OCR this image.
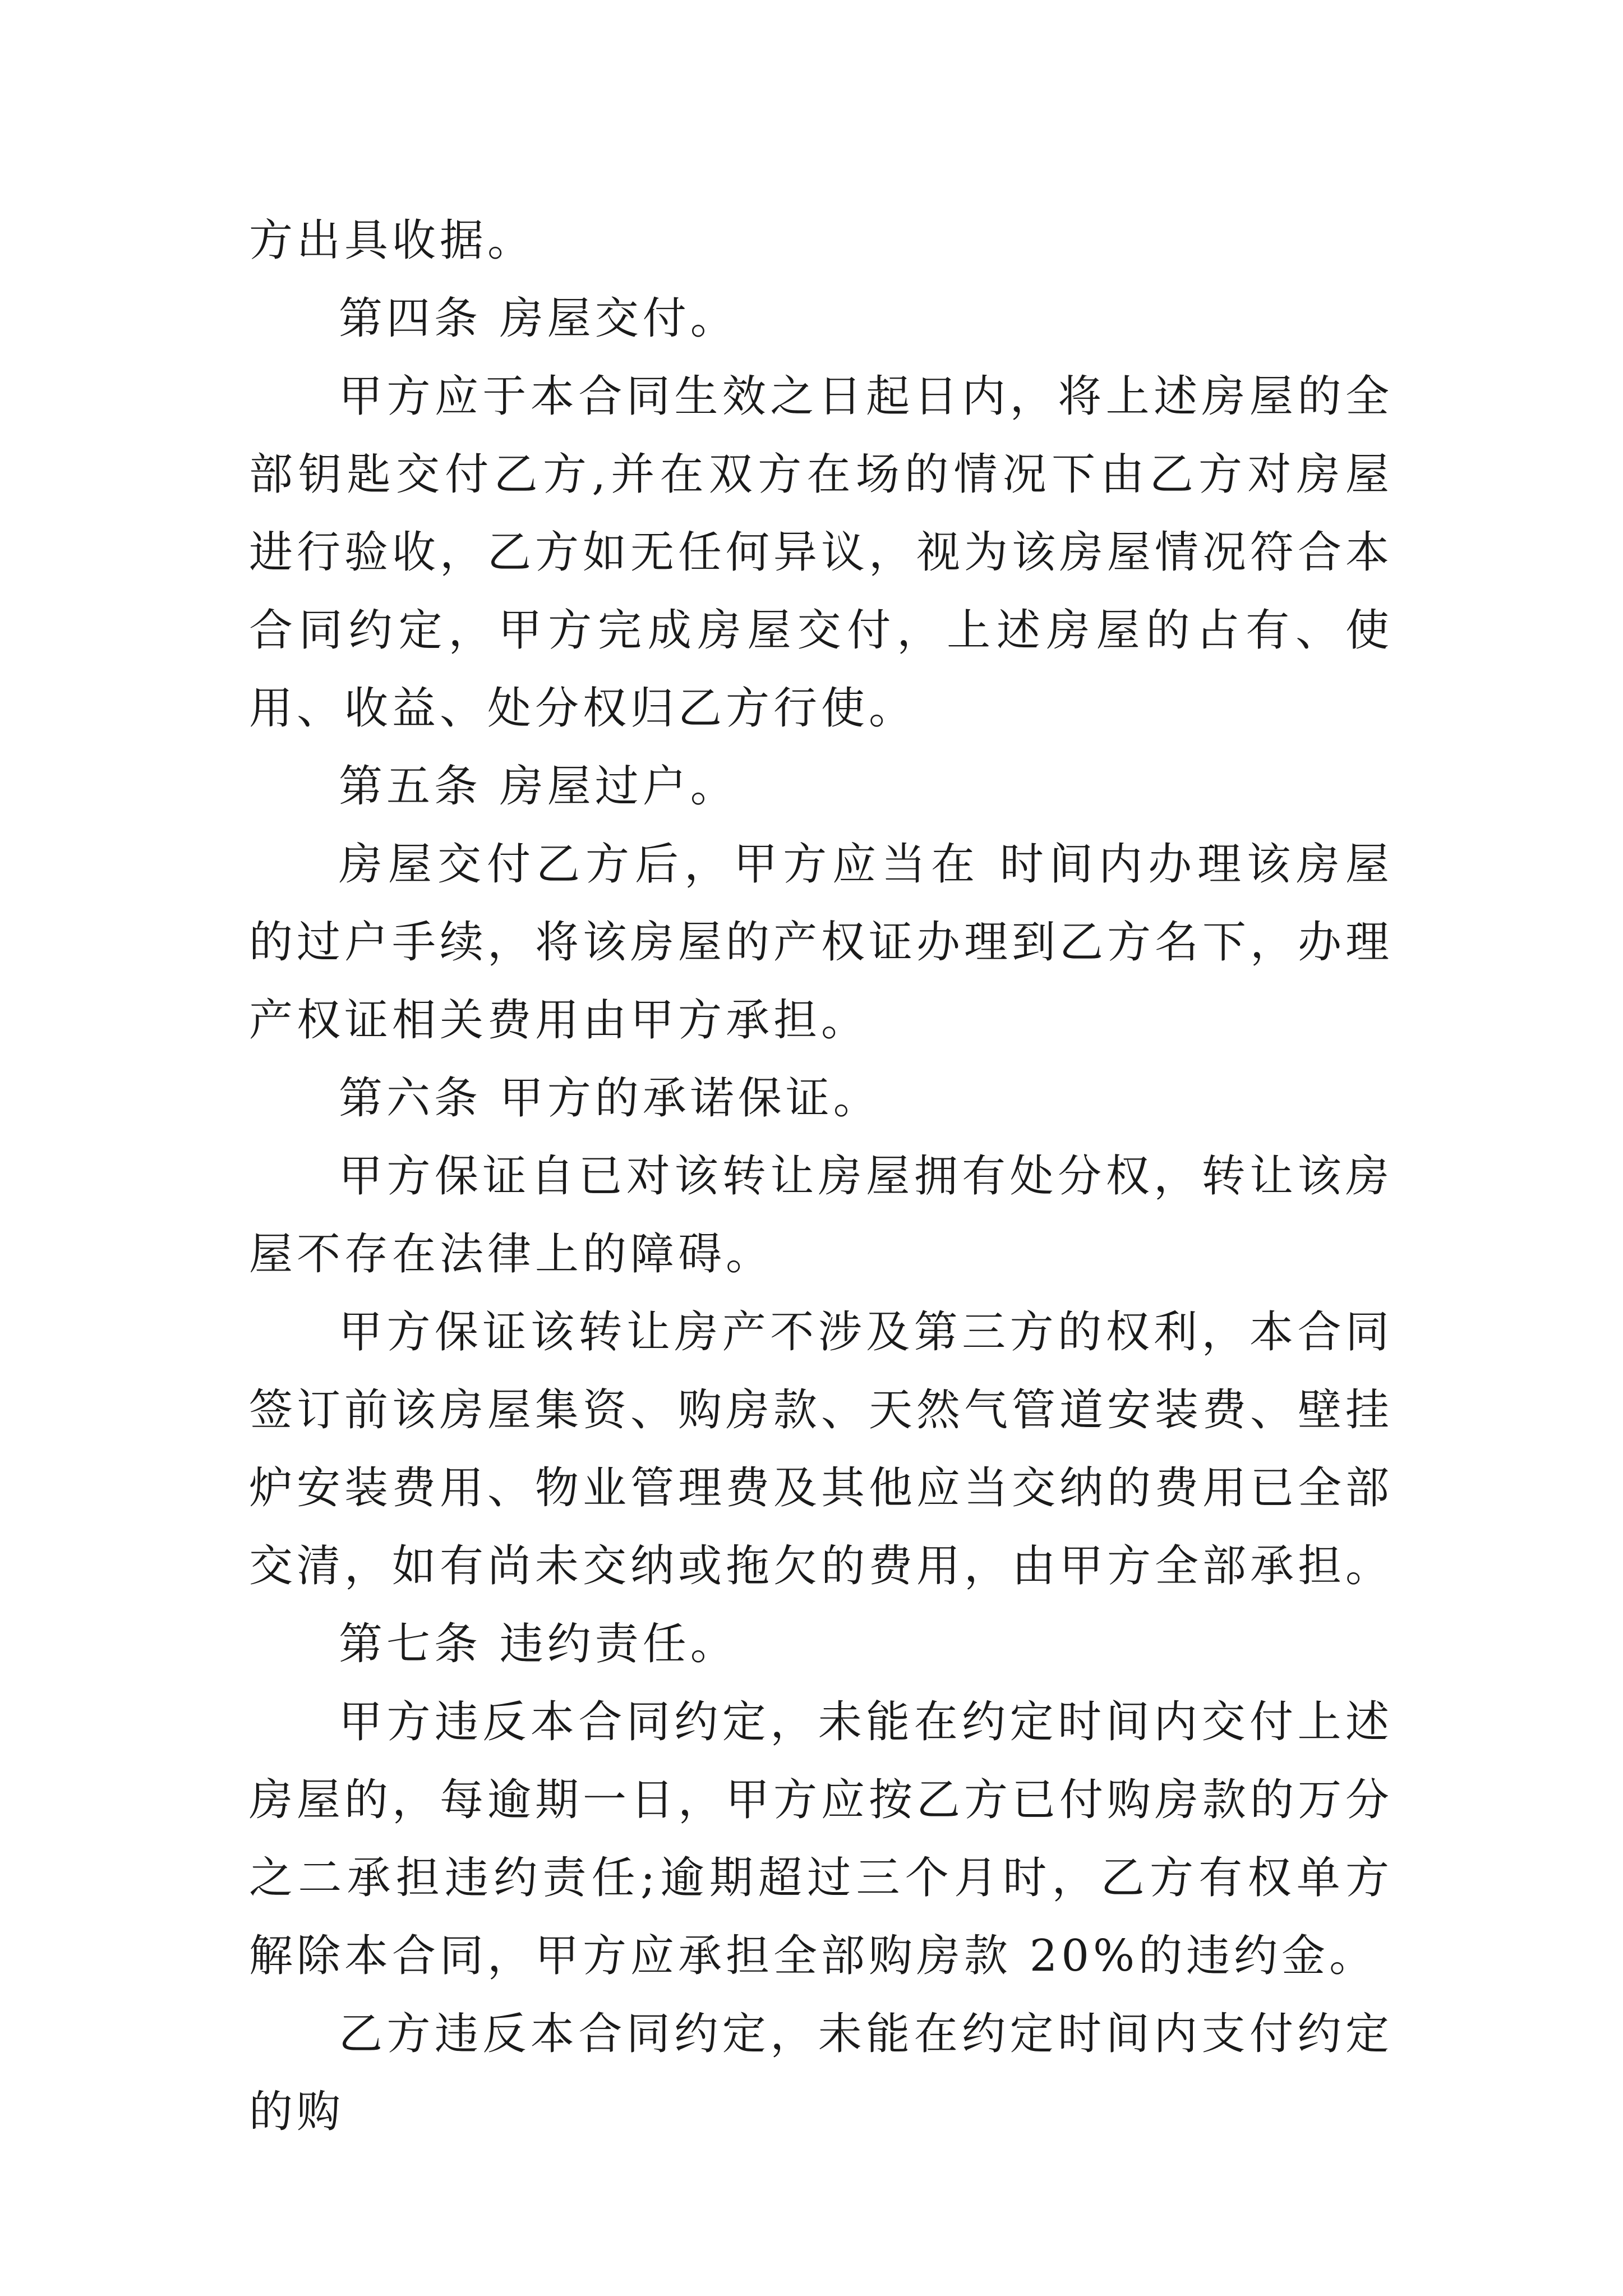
方出具收据。

第四条 房屋交付。

甲方应于本合同生效之日起日内，将上述房屋的全部钥匙交付乙方,并在双方在场的情况下由乙方对房屋进行验收，乙方如无任何异议，视为该房屋情况符合本合同约定，甲方完成房屋交付，上述房屋的占有、使用、收益、处分权归乙方行使。

第五条 房屋过户。

房屋交付乙方后，甲方应当在 时间内办理该房屋的过户手续，将该房屋的产权证办理到乙方名下，办理产权证相关费用由甲方承担。

第六条 甲方的承诺保证。

甲方保证自已对该转让房屋拥有处分权，转让该房屋不存在法律上的障碍。

甲方保证该转让房产不涉及第三方的权利，本合同签订前该房屋集资、购房款、天然气管道安装费、壁挂炉安装费用、物业管理费及其他应当交纳的费用已全部交清，如有尚未交纳或拖欠的费用，由甲方全部承担。

第七条 违约责任。

甲方违反本合同约定，未能在约定时间内交付上述房屋的，每逾期一日，甲方应按乙方已付购房款的万分之二承担违约责任;逾期超过三个月时，乙方有权单方解除本合同，甲方应承担全部购房款 20%的违约金。

乙方违反本合同约定，未能在约定时间内支付约定的购
